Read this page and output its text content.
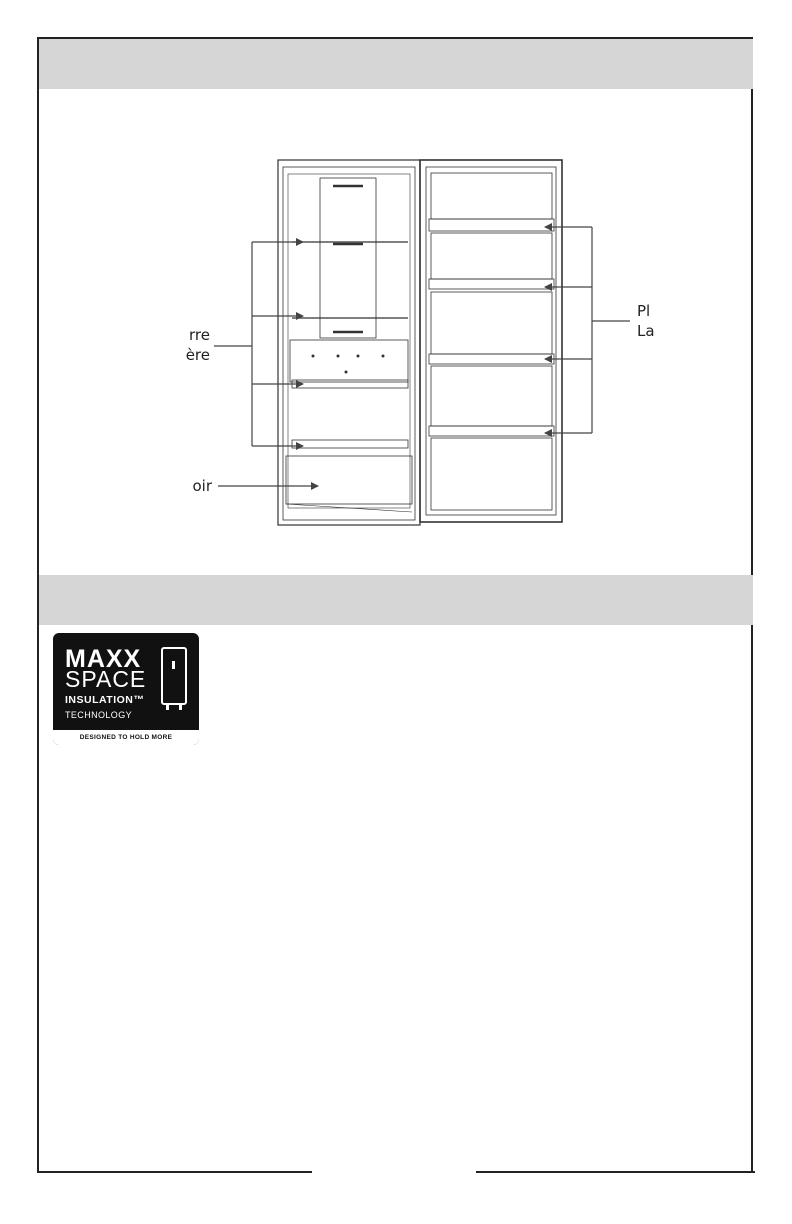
rre
ère
oir
Pl
La
MAXX
SPACE
INSULATION™
TECHNOLOGY
DESIGNED TO HOLD MORE
